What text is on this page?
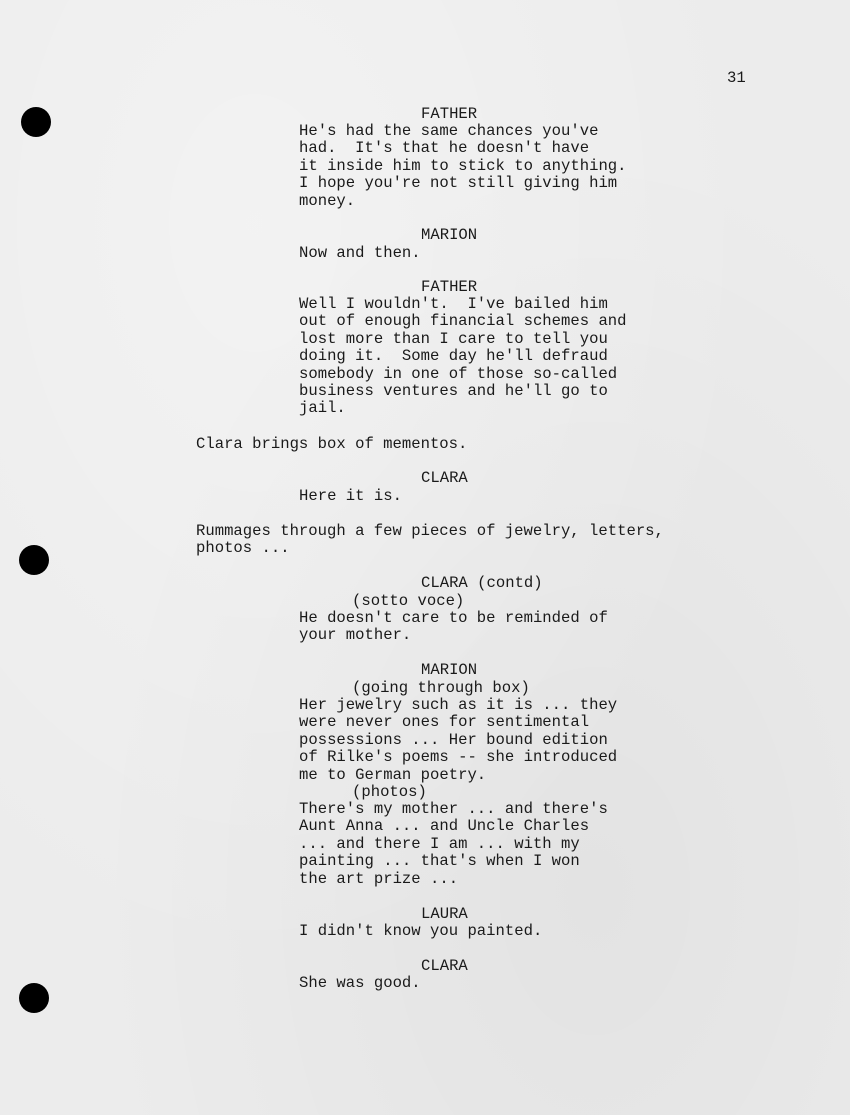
31

FATHER

He's had the same chances you've

had.  It's that he doesn't have

it inside him to stick to anything.

I hope you're not still giving him

money.

MARION

Now and then.

FATHER

Well I wouldn't.  I've bailed him

out of enough financial schemes and

lost more than I care to tell you

doing it.  Some day he'll defraud

somebody in one of those so-called

business ventures and he'll go to

jail.

Clara brings box of mementos.

CLARA

Here it is.

Rummages through a few pieces of jewelry, letters,

photos ...

CLARA (contd)

(sotto voce)

He doesn't care to be reminded of

your mother.

MARION

(going through box)

Her jewelry such as it is ... they

were never ones for sentimental

possessions ... Her bound edition

of Rilke's poems -- she introduced

me to German poetry.

(photos)

There's my mother ... and there's

Aunt Anna ... and Uncle Charles

... and there I am ... with my

painting ... that's when I won

the art prize ...

LAURA

I didn't know you painted.

CLARA

She was good.
